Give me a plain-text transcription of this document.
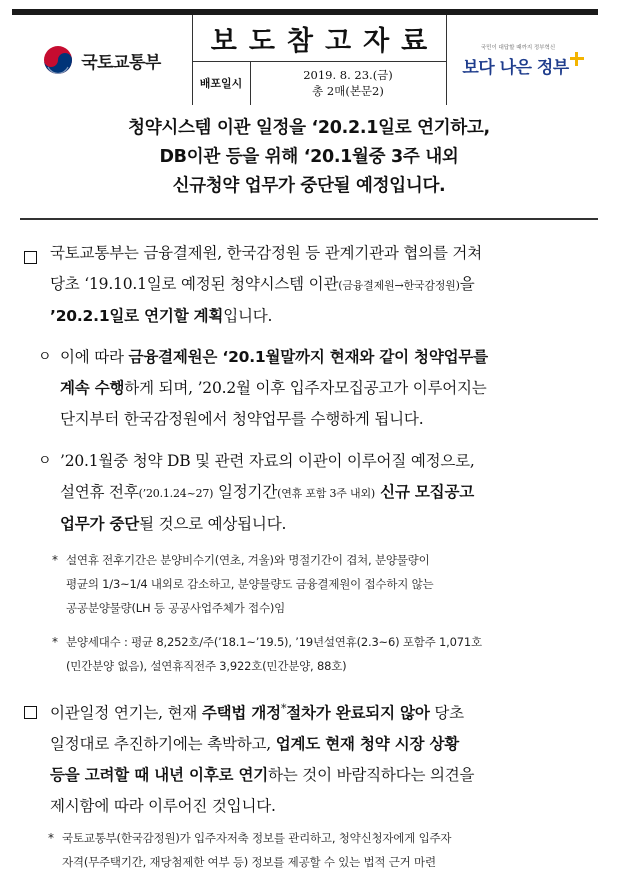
국토교통부
보도참고자료
배포일시
2019. 8. 23.(금)
총 2매(본문2)
국민이 대답할 때까지 정부혁신
보다 나은 정부
청약시스템 이관 일정을 ‘20.2.1일로 연기하고,
DB이관 등을 위해 ‘20.1월중 3주 내외
신규청약 업무가 중단될 예정입니다.
국토교통부는 금융결제원, 한국감정원 등 관계기관과 협의를 거쳐
당초 ‘19.10.1일로 예정된 청약시스템 이관(금융결제원→한국감정원)을
’20.2.1일로 연기할 계획입니다.
ㅇ 이에 따라 금융결제원은 ‘20.1월말까지 현재와 같이 청약업무를
계속 수행하게 되며, ’20.2월 이후 입주자모집공고가 이루어지는
단지부터 한국감정원에서 청약업무를 수행하게 됩니다.
ㅇ ’20.1월중 청약 DB 및 관련 자료의 이관이 이루어질 예정으로,
설연휴 전후(’20.1.24~27) 일정기간(연휴 포함 3주 내외) 신규 모집공고
업무가 중단될 것으로 예상됩니다.
* 설연휴 전후기간은 분양비수기(연초, 겨울)와 명절기간이 겹쳐, 분양물량이
평균의 1/3~1/4 내외로 감소하고, 분양물량도 금융결제원이 접수하지 않는
공공분양물량(LH 등 공공사업주체가 접수)임
* 분양세대수 : 평균 8,252호/주(’18.1~’19.5), ’19년설연휴(2.3~6) 포함주 1,071호
(민간분양 없음), 설연휴직전주 3,922호(민간분양, 88호)
이관일정 연기는, 현재 주택법 개정*절차가 완료되지 않아 당초
일정대로 추진하기에는 촉박하고, 업계도 현재 청약 시장 상황
등을 고려할 때 내년 이후로 연기하는 것이 바람직하다는 의견을
제시함에 따라 이루어진 것입니다.
* 국토교통부(한국감정원)가 입주자저축 정보를 관리하고, 청약신청자에게 입주자
자격(무주택기간, 재당첨제한 여부 등) 정보를 제공할 수 있는 법적 근거 마련
